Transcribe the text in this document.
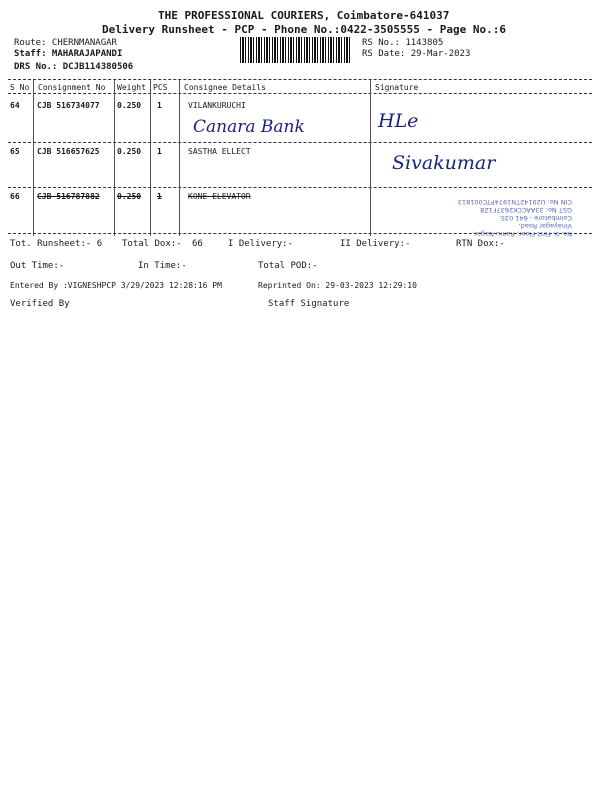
THE PROFESSIONAL COURIERS, Coimbatore-641037
Delivery Runsheet - PCP - Phone No.:0422-3505555 - Page No.:6
Route: CHERNMANAGAR
Staff: MAHARAJAPANDI
DRS No.: DCJB114380506
RS No.: 1143805
RS Date: 29-Mar-2023
S No Consignment No Weight PCS Consignee Details	Signature
64 CJB 516734077 0.250 1	VILANKURUCHI
Canara Bank	HLe
65 CJB 516657625 0.250 1	SASTHA ELLECT
Sivakumar
66 CJB 516787882 0.250 1	KONE ELEVATOR
No. 9, First Floor, Ramu Nagar,
Vinayagar Road,
Coimbatore - 641 035.
GST No: 33AACCK2637F1Z8
CIN No: U29142TN1974PTC001813
Tot. Runsheet:- 6 Total Dox:- 66	I Delivery:-	II Delivery:-	RTN Dox:-
Out Time:-	In Time:-	Total POD:-
Entered By :VIGNESHPCP 3/29/2023 12:28:16 PM	Reprinted On: 29-03-2023 12:29:10
Verified By	Staff Signature
